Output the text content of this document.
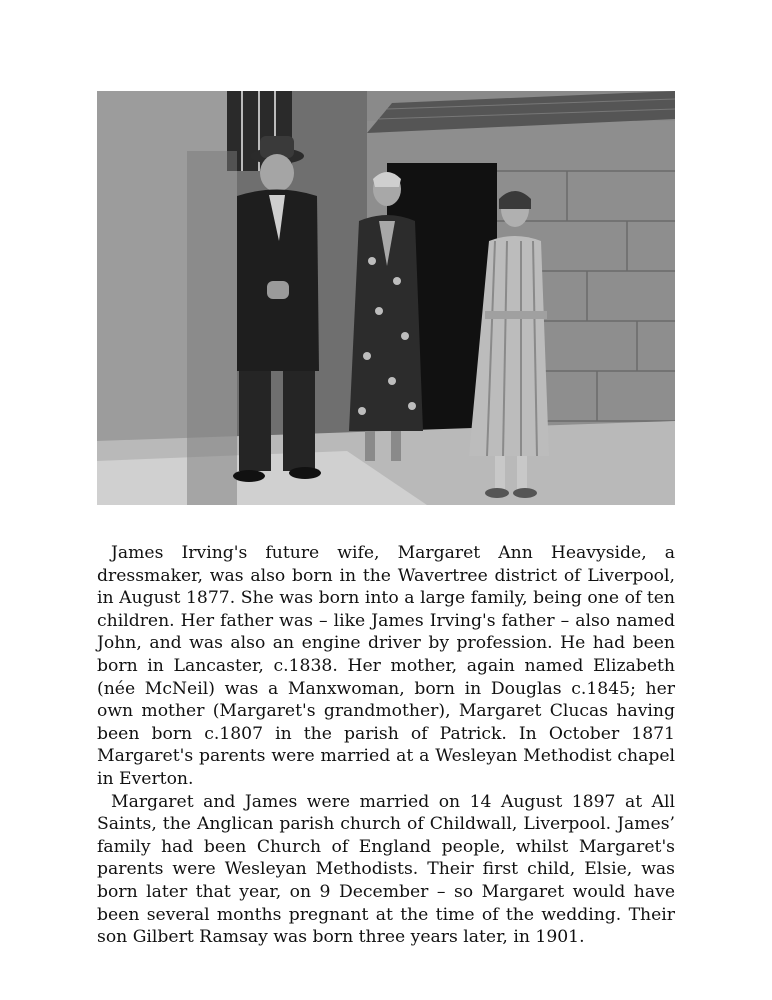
James Irving's future wife, Margaret Ann Heavyside, a dressmaker, was also born in the Wavertree district of Liverpool, in August 1877. She was born into a large family, being one of ten children. Her father was – like James Irving's father – also named John, and was also an engine driver by profession. He had been born in Lancaster, c.1838. Her mother, again named Elizabeth (née McNeil) was a Manxwoman, born in Douglas c.1845; her own mother (Margaret's grandmother), Margaret Clucas having been born c.1807 in the parish of Patrick. In October 1871 Margaret's parents were married at a Wesleyan Methodist chapel in Everton.

Margaret and James were married on 14 August 1897 at All Saints, the Anglican parish church of Childwall, Liverpool. James’ family had been Church of England people, whilst Margaret's parents were Wesleyan Methodists. Their first child, Elsie, was born later that year, on 9 December – so Margaret would have been several months pregnant at the time of the wedding. Their son Gilbert Ramsay was born three years later, in 1901.
